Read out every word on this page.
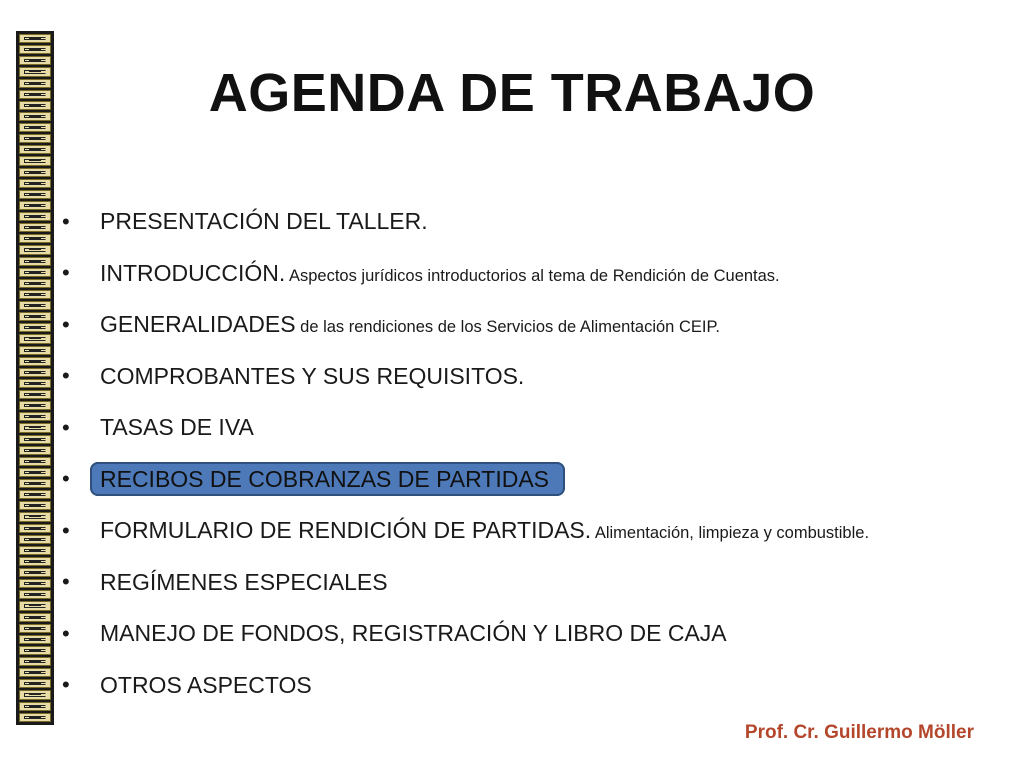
AGENDA DE TRABAJO
• PRESENTACIÓN DEL TALLER.
• INTRODUCCIÓN. Aspectos jurídicos introductorios al tema de Rendición de Cuentas.
• GENERALIDADES de las rendiciones de los Servicios de Alimentación CEIP.
• COMPROBANTES Y SUS REQUISITOS.
• TASAS DE IVA
• RECIBOS DE COBRANZAS DE PARTIDAS
• FORMULARIO DE RENDICIÓN DE PARTIDAS. Alimentación, limpieza y combustible.
• REGÍMENES ESPECIALES
• MANEJO DE FONDOS, REGISTRACIÓN Y LIBRO DE CAJA
• OTROS ASPECTOS
Prof. Cr. Guillermo Möller
